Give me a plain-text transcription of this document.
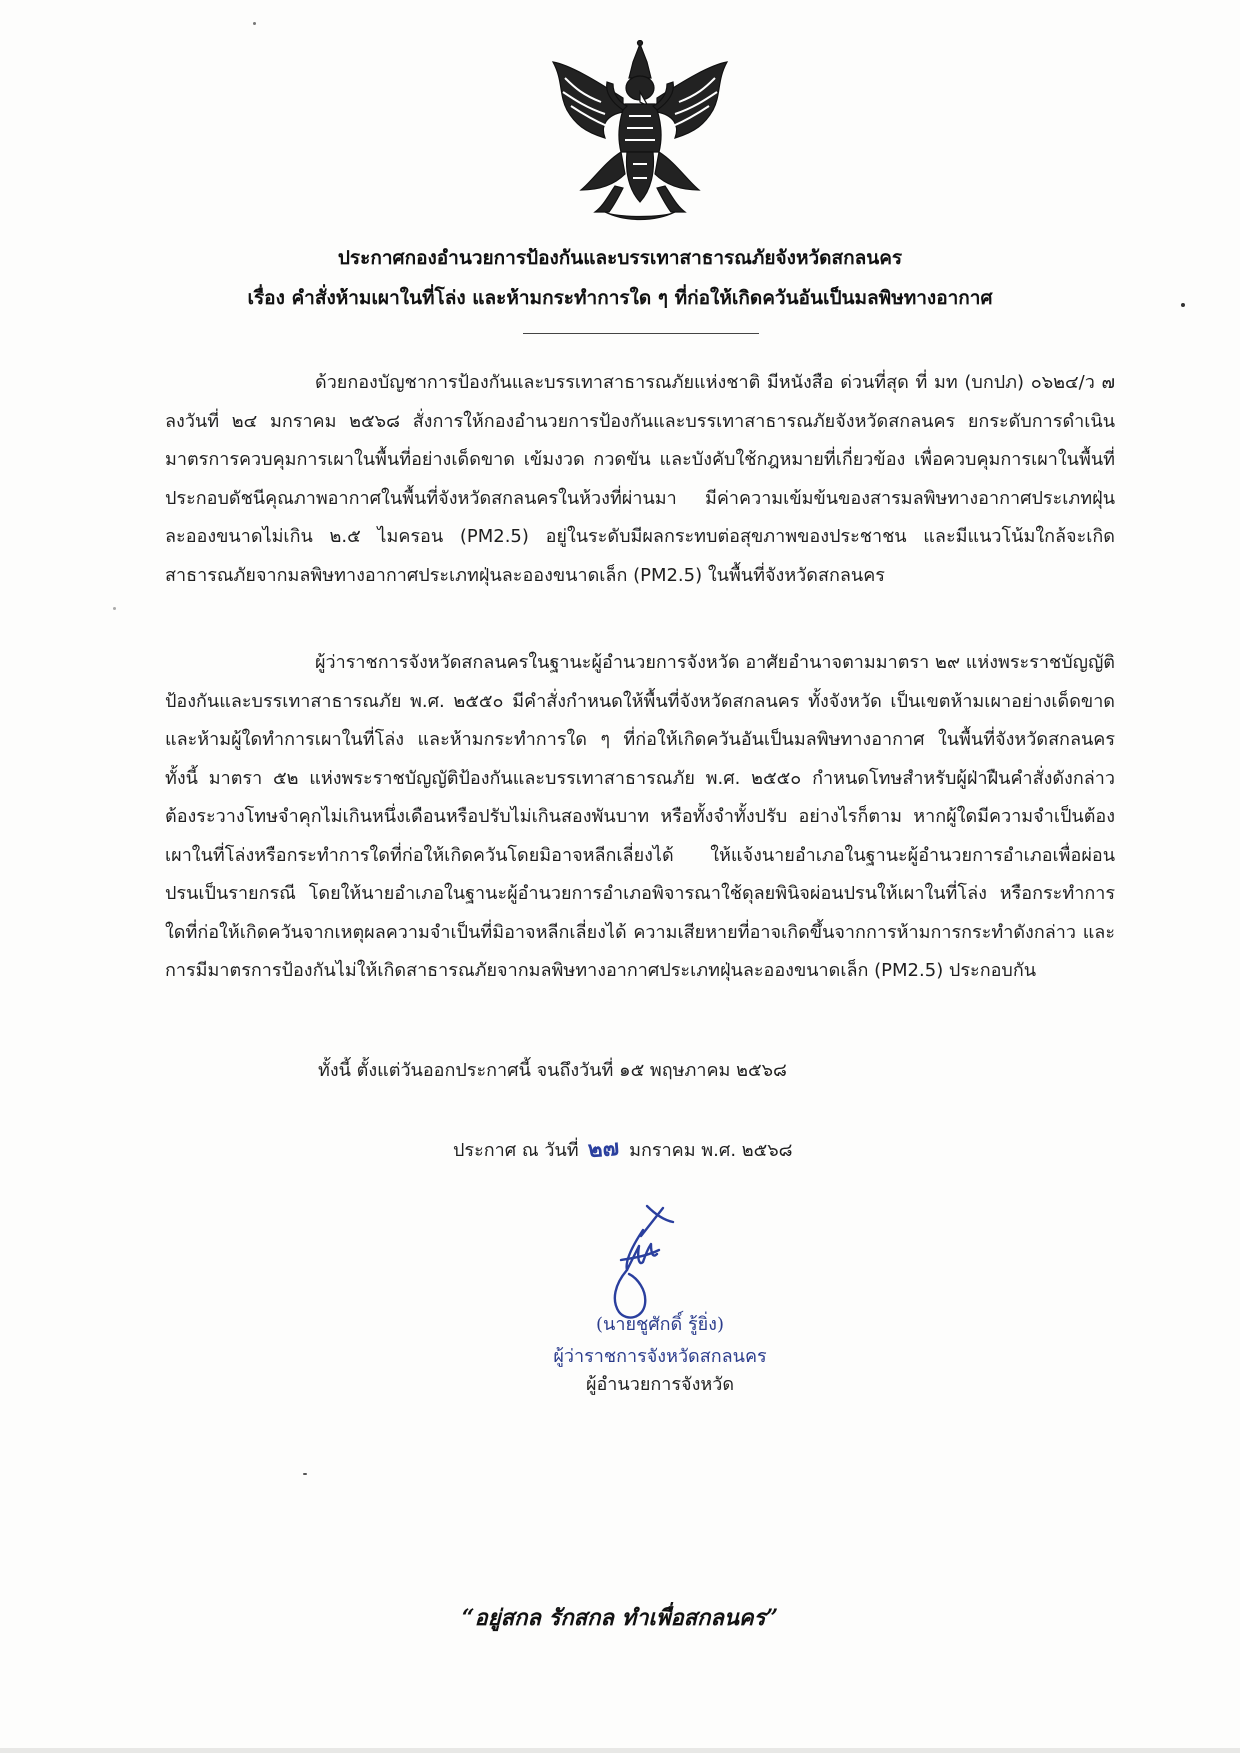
ประกาศกองอำนวยการป้องกันและบรรเทาสาธารณภัยจังหวัดสกลนคร
เรื่อง คำสั่งห้ามเผาในที่โล่ง และห้ามกระทำการใด ๆ ที่ก่อให้เกิดควันอันเป็นมลพิษทางอากาศ

ด้วยกองบัญชาการป้องกันและบรรเทาสาธารณภัยแห่งชาติ มีหนังสือ ด่วนที่สุด ที่ มท (บกปภ) ๐๖๒๔/ว ๗ ลงวันที่ ๒๔ มกราคม ๒๕๖๘ สั่งการให้กองอำนวยการป้องกันและบรรเทาสาธารณภัยจังหวัดสกลนคร ยกระดับการดำเนินมาตรการควบคุมการเผาในพื้นที่อย่างเด็ดขาด เข้มงวด กวดขัน และบังคับใช้กฎหมายที่เกี่ยวข้อง เพื่อควบคุมการเผาในพื้นที่ ประกอบดัชนีคุณภาพอากาศในพื้นที่จังหวัดสกลนครในห้วงที่ผ่านมา มีค่าความเข้มข้นของสารมลพิษทางอากาศประเภทฝุ่นละอองขนาดไม่เกิน ๒.๕ ไมครอน (PM2.5) อยู่ในระดับมีผลกระทบต่อสุขภาพของประชาชน และมีแนวโน้มใกล้จะเกิดสาธารณภัยจากมลพิษทางอากาศประเภทฝุ่นละอองขนาดเล็ก (PM2.5) ในพื้นที่จังหวัดสกลนคร

ผู้ว่าราชการจังหวัดสกลนครในฐานะผู้อำนวยการจังหวัด อาศัยอำนาจตามมาตรา ๒๙ แห่งพระราชบัญญัติป้องกันและบรรเทาสาธารณภัย พ.ศ. ๒๕๕๐ มีคำสั่งกำหนดให้พื้นที่จังหวัดสกลนคร ทั้งจังหวัด เป็นเขตห้ามเผาอย่างเด็ดขาด และห้ามผู้ใดทำการเผาในที่โล่ง และห้ามกระทำการใด ๆ ที่ก่อให้เกิดควันอันเป็นมลพิษทางอากาศ ในพื้นที่จังหวัดสกลนคร ทั้งนี้ มาตรา ๕๒ แห่งพระราชบัญญัติป้องกันและบรรเทาสาธารณภัย พ.ศ. ๒๕๕๐ กำหนดโทษสำหรับผู้ฝ่าฝืนคำสั่งดังกล่าวต้องระวางโทษจำคุกไม่เกินหนึ่งเดือนหรือปรับไม่เกินสองพันบาท หรือทั้งจำทั้งปรับ อย่างไรก็ตาม หากผู้ใดมีความจำเป็นต้องเผาในที่โล่งหรือกระทำการใดที่ก่อให้เกิดควันโดยมิอาจหลีกเลี่ยงได้ ให้แจ้งนายอำเภอในฐานะผู้อำนวยการอำเภอเพื่อผ่อนปรนเป็นรายกรณี โดยให้นายอำเภอในฐานะผู้อำนวยการอำเภอพิจารณาใช้ดุลยพินิจผ่อนปรนให้เผาในที่โล่ง หรือกระทำการใดที่ก่อให้เกิดควันจากเหตุผลความจำเป็นที่มิอาจหลีกเลี่ยงได้ ความเสียหายที่อาจเกิดขึ้นจากการห้ามการกระทำดังกล่าว และการมีมาตรการป้องกันไม่ให้เกิดสาธารณภัยจากมลพิษทางอากาศประเภทฝุ่นละอองขนาดเล็ก (PM2.5) ประกอบกัน

ทั้งนี้ ตั้งแต่วันออกประกาศนี้ จนถึงวันที่ ๑๕ พฤษภาคม ๒๕๖๘
ประกาศ ณ วันที่ ๒๗ มกราคม พ.ศ. ๒๕๖๘
(นายชูศักดิ์ รู้ยิ่ง)
ผู้ว่าราชการจังหวัดสกลนคร
ผู้อำนวยการจังหวัด
“อยู่สกล รักสกล ทำเพื่อสกลนคร”
